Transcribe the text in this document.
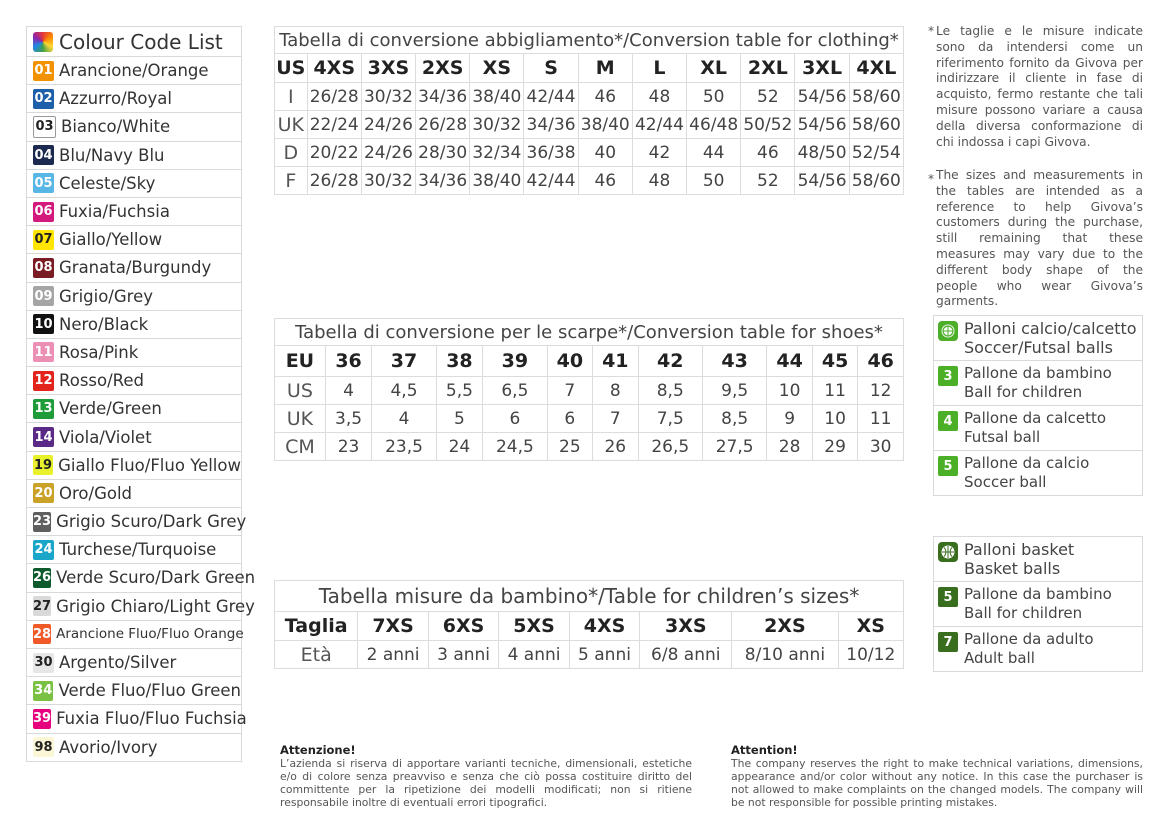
Colour Code List
01 Arancione/Orange
02 Azzurro/Royal
03 Bianco/White
04 Blu/Navy Blu
05 Celeste/Sky
06 Fuxia/Fuchsia
07 Giallo/Yellow
08 Granata/Burgundy
09 Grigio/Grey
10 Nero/Black
11 Rosa/Pink
12 Rosso/Red
13 Verde/Green
14 Viola/Violet
19 Giallo Fluo/Fluo Yellow
20 Oro/Gold
23 Grigio Scuro/Dark Grey
24 Turchese/Turquoise
26 Verde Scuro/Dark Green
27 Grigio Chiaro/Light Grey
28 Arancione Fluo/Fluo Orange
30 Argento/Silver
34 Verde Fluo/Fluo Green
39 Fuxia Fluo/Fluo Fuchsia
98 Avorio/Ivory
Tabella di conversione abbigliamento*/Conversion table for clothing*											
US	4XS	3XS	2XS	XS	S	M	L	XL	2XL	3XL	4XL
I	26/28	30/32	34/36	38/40	42/44	46	48	50	52	54/56	58/60
UK	22/24	24/26	26/28	30/32	34/36	38/40	42/44	46/48	50/52	54/56	58/60
D	20/22	24/26	28/30	32/34	36/38	40	42	44	46	48/50	52/54
F	26/28	30/32	34/36	38/40	42/44	46	48	50	52	54/56	58/60
Tabella di conversione per le scarpe*/Conversion table for shoes*											
EU	36	37	38	39	40	41	42	43	44	45	46
US	4	4,5	5,5	6,5	7	8	8,5	9,5	10	11	12
UK	3,5	4	5	6	6	7	7,5	8,5	9	10	11
CM	23	23,5	24	24,5	25	26	26,5	27,5	28	29	30
Tabella misure da bambino*/Table for children’s sizes*							
Taglia	7XS	6XS	5XS	4XS	3XS	2XS	XS
Età	2 anni	3 anni	4 anni	5 anni	6/8 anni	8/10 anni	10/12
* Le taglie e le misure indicate sono da intendersi come un riferimento fornito da Givova per indirizzare il cliente in fase di acquisto, fermo restante che tali misure possono variare a causa della diversa conformazione di chi indossa i capi Givova.
* The sizes and measurements in the tables are intended as a reference to help Givova’s customers during the purchase, still remaining that these measures may vary due to the different body shape of the people who wear Givova’s garments.
Palloni calcio/calcetto
Soccer/Futsal balls
3 Pallone da bambino
Ball for children
4 Pallone da calcetto
Futsal ball
5 Pallone da calcio
Soccer ball
Palloni basket
Basket balls
5 Pallone da bambino
Ball for children
7 Pallone da adulto
Adult ball
Attenzione!
L’azienda si riserva di apportare varianti tecniche, dimensionali, estetiche e/o di colore senza preavviso e senza che ciò possa costituire diritto del committente per la ripetizione dei modelli modificati; non si ritiene responsabile inoltre di eventuali errori tipografici.
Attention!
The company reserves the right to make technical variations, dimensions, appearance and/or color without any notice. In this case the purchaser is not allowed to make complaints on the changed models. The company will be not responsible for possible printing mistakes.
